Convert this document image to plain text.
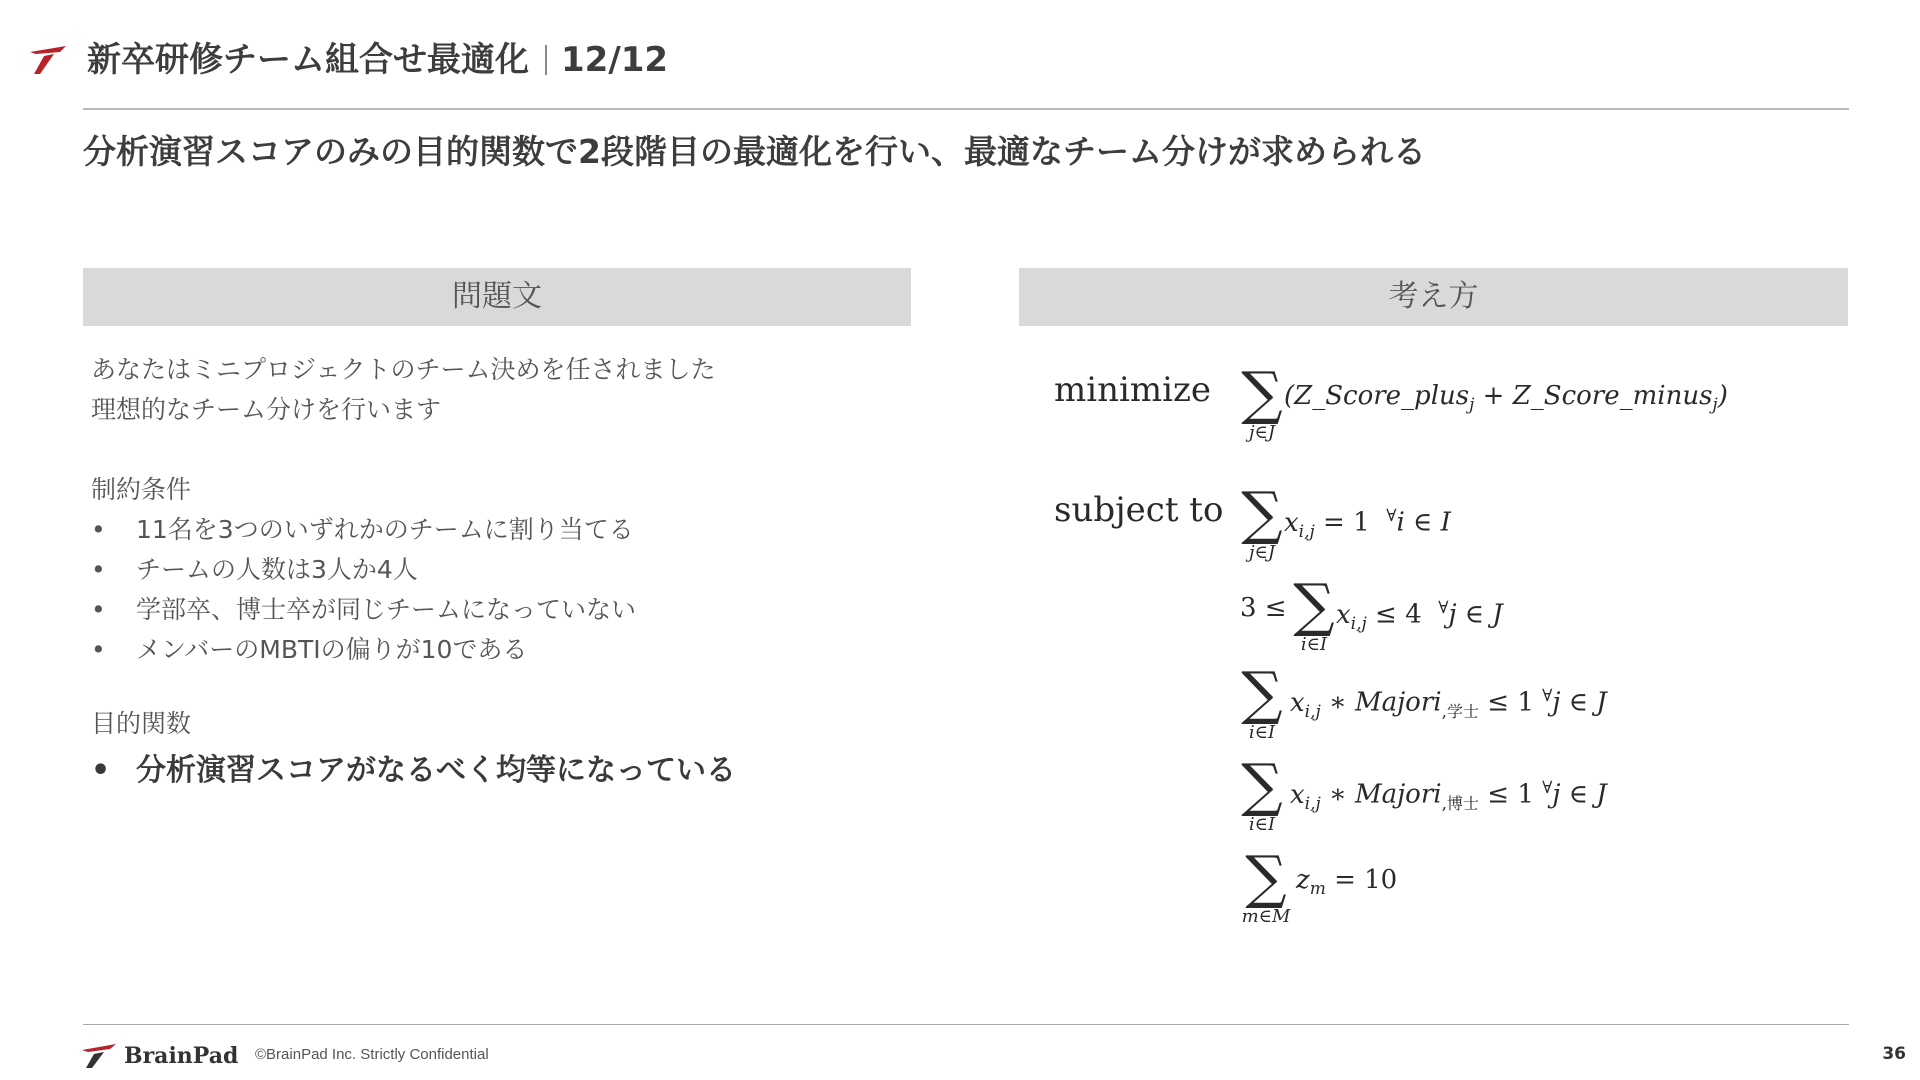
新卒研修チーム組合せ最適化 12/12
分析演習スコアのみの目的関数で2段階目の最適化を行い、最適なチーム分けが求められる
問題文

あなたはミニプロジェクトのチーム決めを任されました

理想的なチーム分けを行います

制約条件

• 11名を3つのいずれかのチームに割り当てる
• チームの人数は3人か4人
• 学部卒、博士卒が同じチームになっていない
• メンバーのMBTIの偏りが10である

目的関数

• 分析演習スコアがなるべく均等になっている
考え方
minimize
subject to
∑
j∈J
(Z_Score_plus$_j$ + Z_Score_minus$_j$)
∑
j∈J
$x_{i,j} = 1$  ∀i ∈ I
3 ≤ ∑
i∈I
$x_{i,j} \le 4$  ∀j ∈ J
∑
i∈I
$x_{i,j}$ ∗ Majori$_{,学士}$ ≤ 1 ∀j ∈ J
∑
i∈I
$x_{i,j}$ ∗ Majori$_{,博士}$ ≤ 1 ∀j ∈ J
∑
m∈M
$z_m = 10$
BrainPad ©BrainPad Inc. Strictly Confidential	36
